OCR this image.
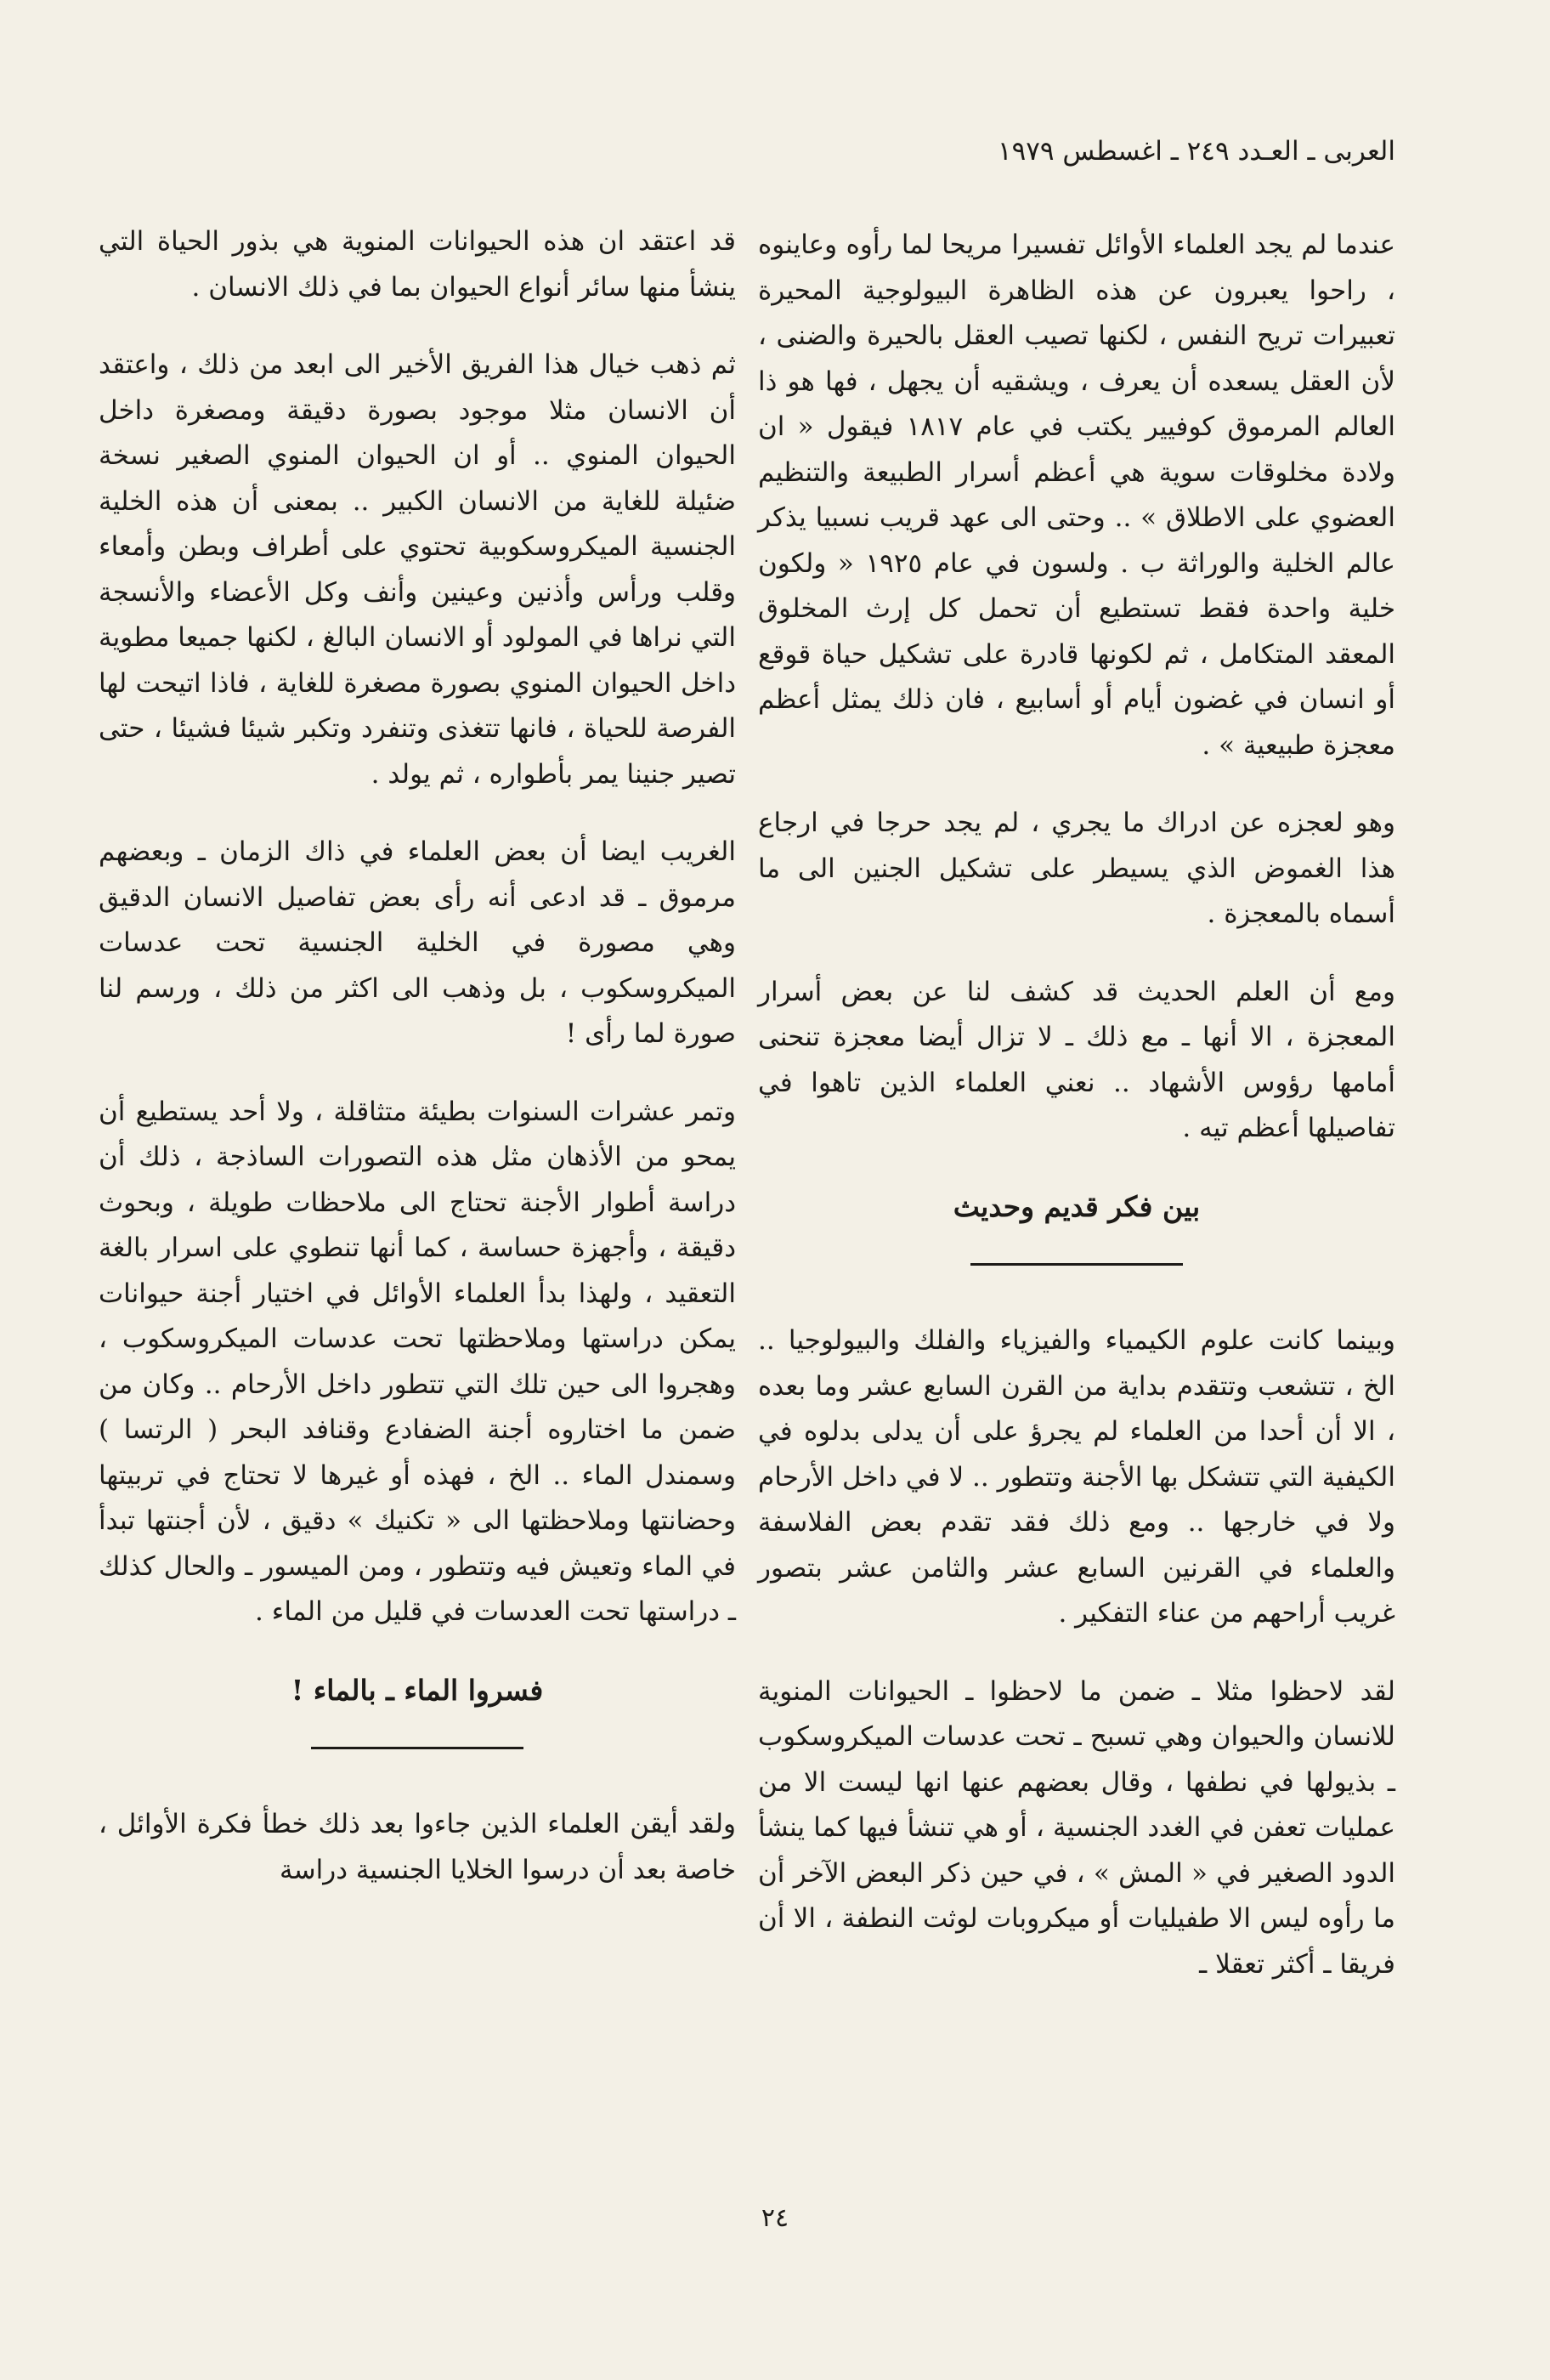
العربى ـ العـدد ٢٤٩ ـ اغسطس ١٩٧٩

عندما لم يجد العلماء الأوائل تفسيرا مريحا لما رأوه وعاينوه ، راحوا يعبرون عن هذه الظاهرة البيولوجية المحيرة تعبيرات تريح النفس ، لكنها تصيب العقل بالحيرة والضنى ، لأن العقل يسعده أن يعرف ، ويشقيه أن يجهل ، فها هو ذا العالم المرموق كوفيير يكتب في عام ١٨١٧ فيقول « ان ولادة مخلوقات سوية هي أعظم أسرار الطبيعة والتنظيم العضوي على الاطلاق » .. وحتى الى عهد قريب نسبيا يذكر عالم الخلية والوراثة ب . ولسون في عام ١٩٢٥ « ولكون خلية واحدة فقط تستطيع أن تحمل كل إرث المخلوق المعقد المتكامل ، ثم لكونها قادرة على تشكيل حياة قوقع أو انسان في غضون أيام أو أسابيع ، فان ذلك يمثل أعظم معجزة طبيعية » .

وهو لعجزه عن ادراك ما يجري ، لم يجد حرجا في ارجاع هذا الغموض الذي يسيطر على تشكيل الجنين الى ما أسماه بالمعجزة .

ومع أن العلم الحديث قد كشف لنا عن بعض أسرار المعجزة ، الا أنها ـ مع ذلك ـ لا تزال أيضا معجزة تنحنى أمامها رؤوس الأشهاد .. نعني العلماء الذين تاهوا في تفاصيلها أعظم تيه .

بين فكر قديم وحديث

وبينما كانت علوم الكيمياء والفيزياء والفلك والبيولوجيا .. الخ ، تتشعب وتتقدم بداية من القرن السابع عشر وما بعده ، الا أن أحدا من العلماء لم يجرؤ على أن يدلى بدلوه في الكيفية التي تتشكل بها الأجنة وتتطور .. لا في داخل الأرحام ولا في خارجها .. ومع ذلك فقد تقدم بعض الفلاسفة والعلماء في القرنين السابع عشر والثامن عشر بتصور غريب أراحهم من عناء التفكير .

لقد لاحظوا مثلا ـ ضمن ما لاحظوا ـ الحيوانات المنوية للانسان والحيوان وهي تسبح ـ تحت عدسات الميكروسكوب ـ بذيولها في نطفها ، وقال بعضهم عنها انها ليست الا من عمليات تعفن في الغدد الجنسية ، أو هي تنشأ فيها كما ينشأ الدود الصغير في « المش » ، في حين ذكر البعض الآخر أن ما رأوه ليس الا طفيليات أو ميكروبات لوثت النطفة ، الا أن فريقا ـ أكثر تعقلا ـ

قد اعتقد ان هذه الحيوانات المنوية هي بذور الحياة التي ينشأ منها سائر أنواع الحيوان بما في ذلك الانسان .

ثم ذهب خيال هذا الفريق الأخير الى ابعد من ذلك ، واعتقد أن الانسان مثلا موجود بصورة دقيقة ومصغرة داخل الحيوان المنوي .. أو ان الحيوان المنوي الصغير نسخة ضئيلة للغاية من الانسان الكبير .. بمعنى أن هذه الخلية الجنسية الميكروسكوبية تحتوي على أطراف وبطن وأمعاء وقلب ورأس وأذنين وعينين وأنف وكل الأعضاء والأنسجة التي نراها في المولود أو الانسان البالغ ، لكنها جميعا مطوية داخل الحيوان المنوي بصورة مصغرة للغاية ، فاذا اتيحت لها الفرصة للحياة ، فانها تتغذى وتنفرد وتكبر شيئا فشيئا ، حتى تصير جنينا يمر بأطواره ، ثم يولد .

الغريب ايضا أن بعض العلماء في ذاك الزمان ـ وبعضهم مرموق ـ قد ادعى أنه رأى بعض تفاصيل الانسان الدقيق وهي مصورة في الخلية الجنسية تحت عدسات الميكروسكوب ، بل وذهب الى اكثر من ذلك ، ورسم لنا صورة لما رأى !

وتمر عشرات السنوات بطيئة متثاقلة ، ولا أحد يستطيع أن يمحو من الأذهان مثل هذه التصورات الساذجة ، ذلك أن دراسة أطوار الأجنة تحتاج الى ملاحظات طويلة ، وبحوث دقيقة ، وأجهزة حساسة ، كما أنها تنطوي على اسرار بالغة التعقيد ، ولهذا بدأ العلماء الأوائل في اختيار أجنة حيوانات يمكن دراستها وملاحظتها تحت عدسات الميكروسكوب ، وهجروا الى حين تلك التي تتطور داخل الأرحام .. وكان من ضمن ما اختاروه أجنة الضفادع وقنافد البحر ( الرتسا ) وسمندل الماء .. الخ ، فهذه أو غيرها لا تحتاج في تربيتها وحضانتها وملاحظتها الى « تكنيك » دقيق ، لأن أجنتها تبدأ في الماء وتعيش فيه وتتطور ، ومن الميسور ـ والحال كذلك ـ دراستها تحت العدسات في قليل من الماء .

فسروا الماء ـ بالماء !

ولقد أيقن العلماء الذين جاءوا بعد ذلك خطأ فكرة الأوائل ، خاصة بعد أن درسوا الخلايا الجنسية دراسة

٢٤
